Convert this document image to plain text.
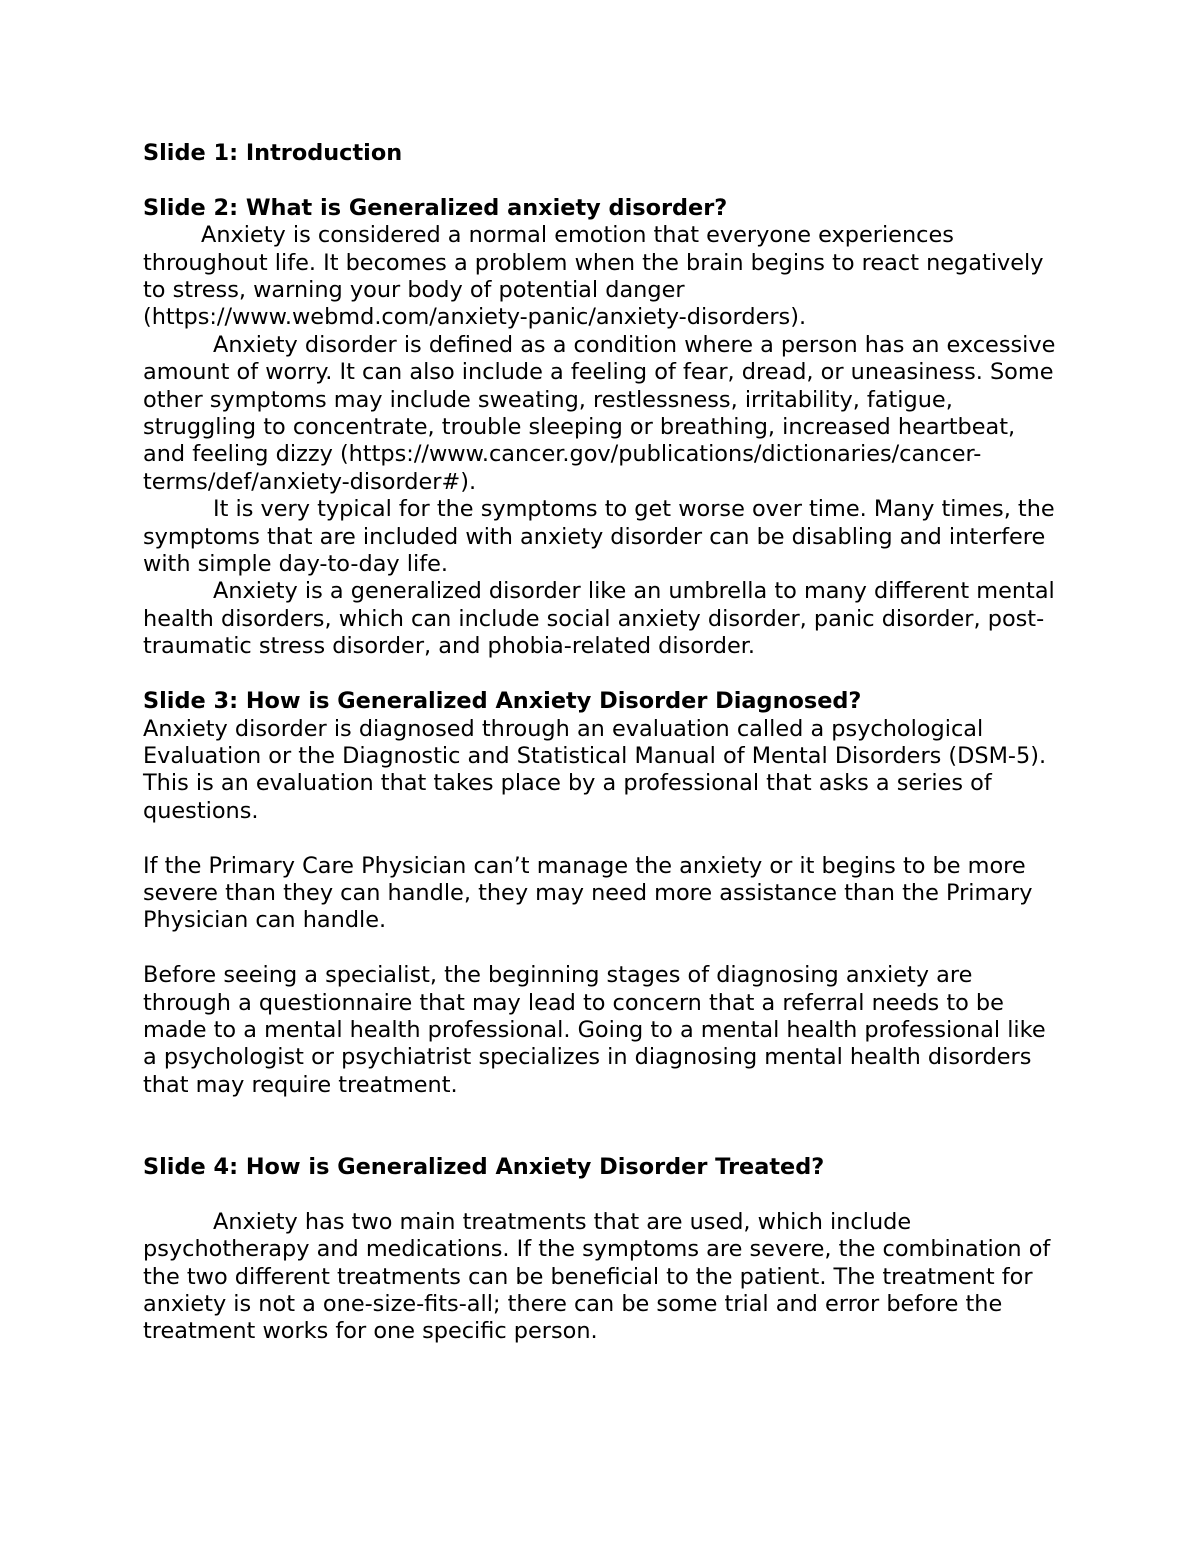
Slide 1: Introduction
Slide 2: What is Generalized anxiety disorder?

Anxiety is considered a normal emotion that everyone experiences throughout life. It becomes a problem when the brain begins to react negatively to stress, warning your body of potential danger (https://www.webmd.com/anxiety-panic/anxiety-disorders).

Anxiety disorder is defined as a condition where a person has an excessive amount of worry. It can also include a feeling of fear, dread, or uneasiness. Some other symptoms may include sweating, restlessness, irritability, fatigue, struggling to concentrate, trouble sleeping or breathing, increased heartbeat, and feeling dizzy (https://www.cancer.gov/publications/dictionaries/cancer-terms/def/anxiety-disorder#).

It is very typical for the symptoms to get worse over time. Many times, the symptoms that are included with anxiety disorder can be disabling and interfere with simple day-to-day life.

Anxiety is a generalized disorder like an umbrella to many different mental health disorders, which can include social anxiety disorder, panic disorder, post-traumatic stress disorder, and phobia-related disorder.

Slide 3: How is Generalized Anxiety Disorder Diagnosed?

Anxiety disorder is diagnosed through an evaluation called a psychological Evaluation or the Diagnostic and Statistical Manual of Mental Disorders (DSM-5). This is an evaluation that takes place by a professional that asks a series of questions.

If the Primary Care Physician can’t manage the anxiety or it begins to be more severe than they can handle, they may need more assistance than the Primary Physician can handle.

Before seeing a specialist, the beginning stages of diagnosing anxiety are through a questionnaire that may lead to concern that a referral needs to be made to a mental health professional. Going to a mental health professional like a psychologist or psychiatrist specializes in diagnosing mental health disorders that may require treatment.

Slide 4: How is Generalized Anxiety Disorder Treated?

Anxiety has two main treatments that are used, which include psychotherapy and medications. If the symptoms are severe, the combination of the two different treatments can be beneficial to the patient. The treatment for anxiety is not a one-size-fits-all; there can be some trial and error before the treatment works for one specific person.
